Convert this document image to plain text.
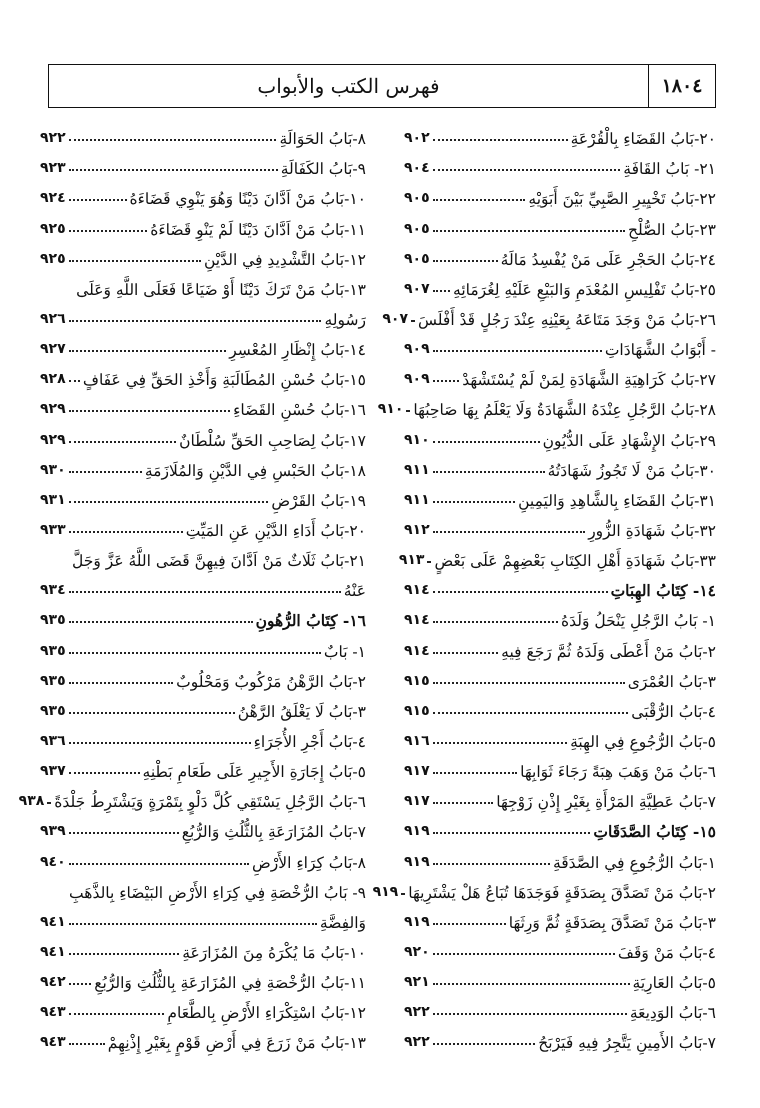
١٨٠٤
فهرس الكتب والأبواب
٢٠-بَابُ القَضَاءِ بِالْقُرْعَةِ
٩٠٢
٢١- بَابُ القَافَةِ
٩٠٤
٢٢-بَابُ تَخْيِيرِ الصَّبِيِّ بَيْنَ أَبَوَيْهِ
٩٠٥
٢٣-بَابُ الصُّلْحِ
٩٠٥
٢٤-بَابُ الحَجْرِ عَلَى مَنْ يُفْسِدُ مَالَهُ
٩٠٥
٢٥-بَابُ تَفْلِيسِ المُعْدَمِ وَالبَيْعِ عَلَيْهِ لِغُرَمَائِهِ
٩٠٧
٢٦-بَابُ مَنْ وَجَدَ مَتَاعَهُ بِعَيْنِهِ عِنْدَ رَجُلٍ قَدْ أَفْلَسَ
٩٠٧
- أَبْوَابُ الشَّهَادَاتِ
٩٠٩
٢٧-بَابُ كَرَاهِيَةِ الشَّهَادَةِ لِمَنْ لَمْ يُسْتَشْهَدْ
٩٠٩
٢٨-بَابُ الرَّجُلِ عِنْدَهُ الشَّهَادَةُ وَلَا يَعْلَمُ بِهَا صَاحِبُهَا
٩١٠
٢٩-بَابُ الإِشْهَادِ عَلَى الدُّيُونِ
٩١٠
٣٠-بَابُ مَنْ لَا تَجُوزُ شَهَادَتُهُ
٩١١
٣١-بَابُ القَضَاءِ بِالشَّاهِدِ وَاليَمِينِ
٩١١
٣٢-بَابُ شَهَادَةِ الزُّورِ
٩١٢
٣٣-بَابُ شَهَادَةِ أَهْلِ الكِتَابِ بَعْضِهِمْ عَلَى بَعْضٍ
٩١٣
١٤- كِتَابُ الهِبَاتِ
٩١٤
١- بَابُ الرَّجُلِ يَنْحَلُ وَلَدَهُ
٩١٤
٢-بَابُ مَنْ أَعْطَى وَلَدَهُ ثُمَّ رَجَعَ فِيهِ
٩١٤
٣-بَابُ العُمْرَى
٩١٥
٤-بَابُ الرُّقْبَى
٩١٥
٥-بَابُ الرُّجُوعِ فِي الهِبَةِ
٩١٦
٦-بَابُ مَنْ وَهَبَ هِبَةً رَجَاءَ ثَوَابِهَا
٩١٧
٧-بَابُ عَطِيَّةِ المَرْأَةِ بِغَيْرِ إِذْنِ زَوْجِهَا
٩١٧
١٥- كِتَابُ الصَّدَقَاتِ
٩١٩
١-بَابُ الرُّجُوعِ فِي الصَّدَقَةِ
٩١٩
٢-بَابُ مَنْ تَصَدَّقَ بِصَدَقَةٍ فَوَجَدَهَا تُبَاعُ هَلْ يَشْتَرِيهَا
٩١٩
٣-بَابُ مَنْ تَصَدَّقَ بِصَدَقَةٍ ثُمَّ وَرِثَهَا
٩١٩
٤-بَابُ مَنْ وَقَفَ
٩٢٠
٥-بَابُ العَارِيَةِ
٩٢١
٦-بَابُ الوَدِيعَةِ
٩٢٢
٧-بَابُ الأَمِينِ يَتَّجِرُ فِيهِ فَيَرْبَحُ
٩٢٢
٨-بَابُ الحَوَالَةِ
٩٢٢
٩-بَابُ الكَفَالَةِ
٩٢٣
١٠-بَابُ مَنْ اَدَّانَ دَيْنًا وَهُوَ يَنْوِي قَضَاءَهُ
٩٢٤
١١-بَابُ مَنْ اَدَّانَ دَيْنًا لَمْ يَنْوِ قَضَاءَهُ
٩٢٥
١٢-بَابُ التَّشْدِيدِ فِي الدَّيْنِ
٩٢٥
١٣-بَابُ مَنْ تَرَكَ دَيْنًا أَوْ ضَيَاعًا فَعَلَى اللَّهِ وَعَلَى
رَسُولِهِ
٩٢٦
١٤-بَابُ إِنْظَارِ المُعْسِرِ
٩٢٧
١٥-بَابُ حُسْنِ المُطَالَبَةِ وَأَخْذِ الحَقِّ فِي عَفَافٍ
٩٢٨
١٦-بَابُ حُسْنِ القَضَاءِ
٩٢٩
١٧-بَابُ لِصَاحِبِ الحَقِّ سُلْطَانٌ
٩٢٩
١٨-بَابُ الحَبْسِ فِي الدَّيْنِ وَالمُلَازَمَةِ
٩٣٠
١٩-بَابُ القَرْضِ
٩٣١
٢٠-بَابُ أَدَاءِ الدَّيْنِ عَنِ المَيِّتِ
٩٣٣
٢١-بَابُ ثَلَاثٌ مَنْ اَدَّانَ فِيهِنَّ قَضَى اللَّهُ عَزَّ وَجَلَّ
عَنْهُ
٩٣٤
١٦- كِتَابُ الرُّهُونِ
٩٣٥
١- بَابٌ
٩٣٥
٢-بَابُ الرَّهْنُ مَرْكُوبٌ وَمَحْلُوبٌ
٩٣٥
٣-بَابُ لَا يَغْلَقُ الرَّهْنُ
٩٣٥
٤-بَابُ أَجْرِ الأُجَرَاءِ
٩٣٦
٥-بَابُ إِجَارَةِ الأَجِيرِ عَلَى طَعَامِ بَطْنِهِ
٩٣٧
٦-بَابُ الرَّجُلِ يَسْتَقِي كُلَّ دَلْوٍ بِتَمْرَةٍ وَيَشْتَرِطُ جَلْدَةً
٩٣٨
٧-بَابُ المُزَارَعَةِ بِالثُّلُثِ وَالرُّبُعِ
٩٣٩
٨-بَابُ كِرَاءِ الأَرْضِ
٩٤٠
٩- بَابُ الرُّخْصَةِ فِي كِرَاءِ الأَرْضِ البَيْضَاءِ بِالذَّهَبِ
وَالفِضَّةِ
٩٤١
١٠-بَابُ مَا يُكْرَهُ مِنَ المُزَارَعَةِ
٩٤١
١١-بَابُ الرُّخْصَةِ فِي المُزَارَعَةِ بِالثُّلُثِ وَالرُّبُعِ
٩٤٢
١٢-بَابُ اسْتِكْرَاءِ الأَرْضِ بِالطَّعَامِ
٩٤٣
١٣-بَابُ مَنْ زَرَعَ فِي أَرْضِ قَوْمٍ بِغَيْرِ إِذْنِهِمْ
٩٤٣
